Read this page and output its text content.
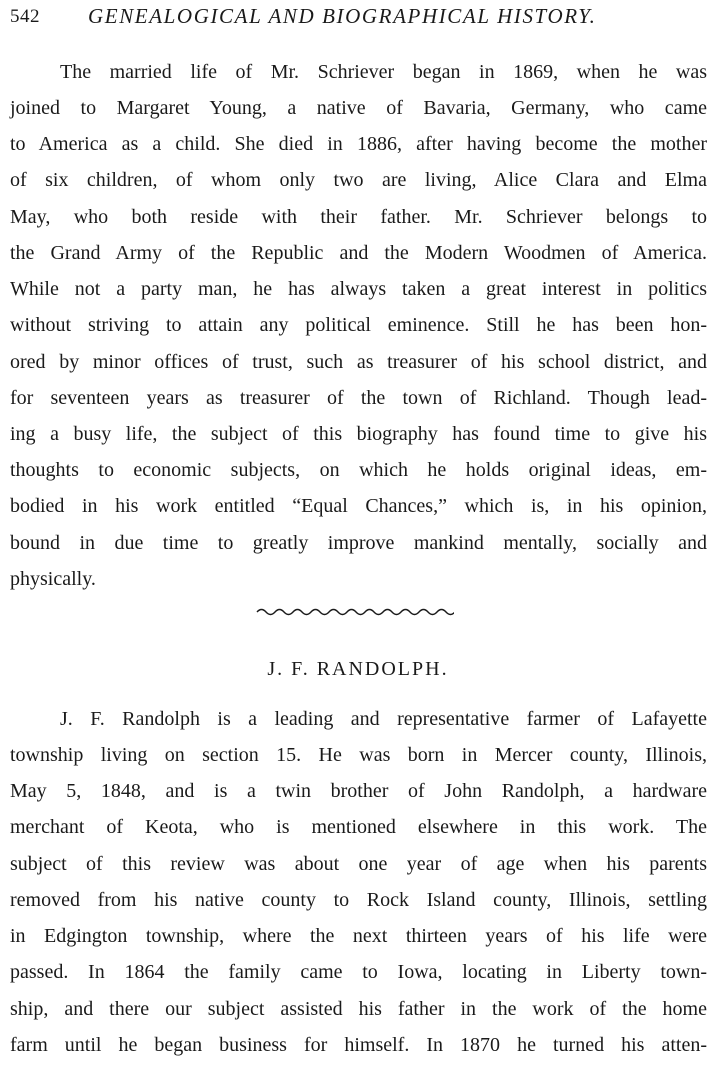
542 GENEALOGICAL AND BIOGRAPHICAL HISTORY.
The married life of Mr. Schriever began in 1869, when he was
joined to Margaret Young, a native of Bavaria, Germany, who came
to America as a child. She died in 1886, after having become the mother
of six children, of whom only two are living, Alice Clara and Elma
May, who both reside with their father. Mr. Schriever belongs to
the Grand Army of the Republic and the Modern Woodmen of America.
While not a party man, he has always taken a great interest in politics
without striving to attain any political eminence. Still he has been hon-
ored by minor offices of trust, such as treasurer of his school district, and
for seventeen years as treasurer of the town of Richland. Though lead-
ing a busy life, the subject of this biography has found time to give his
thoughts to economic subjects, on which he holds original ideas, em-
bodied in his work entitled “Equal Chances,” which is, in his opinion,
bound in due time to greatly improve mankind mentally, socially and
physically.
J. F. RANDOLPH.
J. F. Randolph is a leading and representative farmer of Lafayette
township living on section 15. He was born in Mercer county, Illinois,
May 5, 1848, and is a twin brother of John Randolph, a hardware
merchant of Keota, who is mentioned elsewhere in this work. The
subject of this review was about one year of age when his parents
removed from his native county to Rock Island county, Illinois, settling
in Edgington township, where the next thirteen years of his life were
passed. In 1864 the family came to Iowa, locating in Liberty town-
ship, and there our subject assisted his father in the work of the home
farm until he began business for himself. In 1870 he turned his atten-
